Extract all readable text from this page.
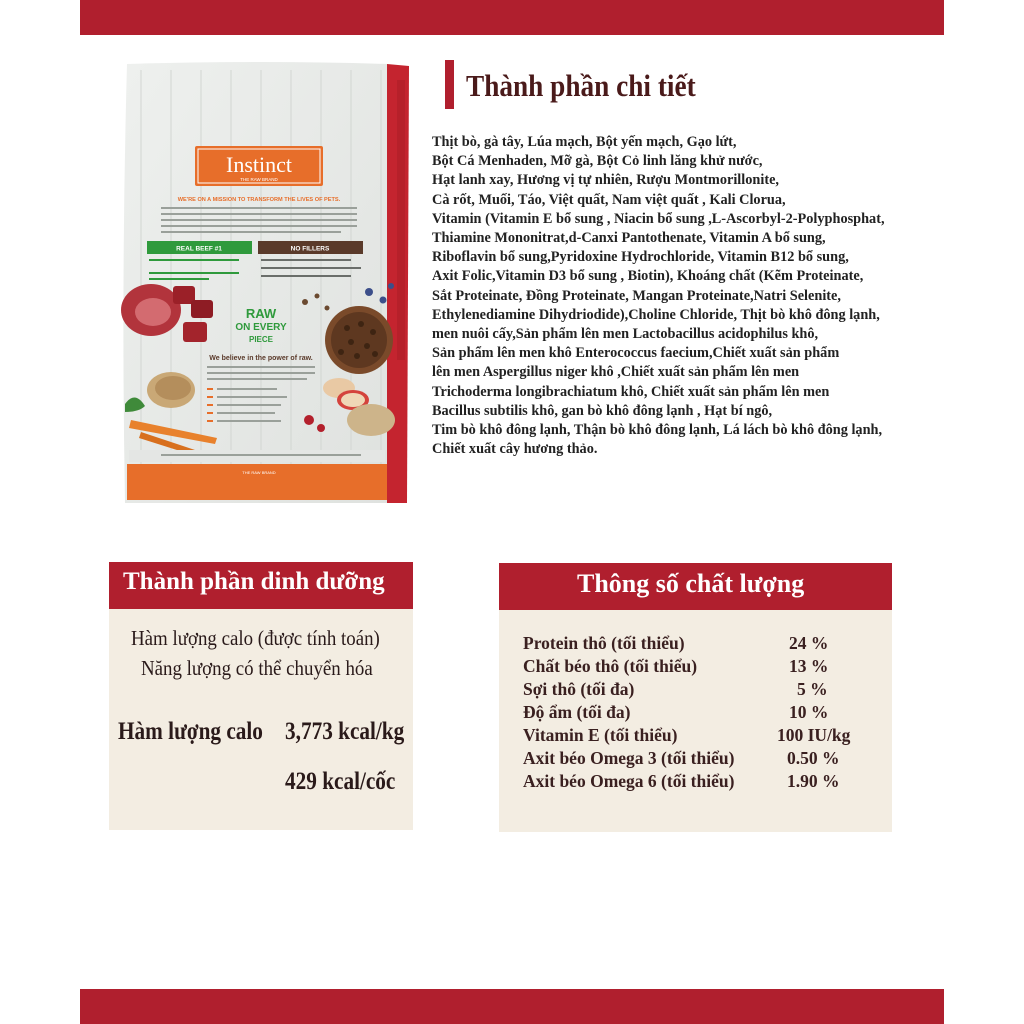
Instinct
THE RAW BRAND
WE'RE ON A MISSION TO TRANSFORM THE LIVES OF PETS.
REAL BEEF #1	NO FILLERS
RAW
ON EVERY
PIECE
We believe in the power of raw.
THE RAW BRAND
Thành phần chi tiết
Thịt bò, gà tây, Lúa mạch, Bột yến mạch, Gạo lứt,
Bột Cá Menhaden, Mỡ gà, Bột Cỏ linh lăng khử nước,
Hạt lanh xay, Hương vị tự nhiên, Rượu Montmorillonite,
Cà rốt, Muối, Táo, Việt quất, Nam việt quất , Kali Clorua,
Vitamin (Vitamin E bổ sung , Niacin bổ sung ,L-Ascorbyl-2-Polyphosphat,
Thiamine Mononitrat,d-Canxi Pantothenate, Vitamin A bổ sung,
Riboflavin bổ sung,Pyridoxine Hydrochloride, Vitamin B12 bổ sung,
Axit Folic,Vitamin D3 bổ sung , Biotin), Khoáng chất (Kẽm Proteinate,
Sắt Proteinate, Đồng Proteinate, Mangan Proteinate,Natri Selenite,
Ethylenediamine Dihydriodide),Choline Chloride, Thịt bò khô đông lạnh,
men nuôi cấy,Sản phẩm lên men Lactobacillus acidophilus khô,
Sản phẩm lên men khô Enterococcus faecium,Chiết xuất sản phẩm
lên men Aspergillus niger khô ,Chiết xuất sản phẩm lên men
Trichoderma longibrachiatum khô, Chiết xuất sản phẩm lên men
Bacillus subtilis khô, gan bò khô đông lạnh , Hạt bí ngô,
Tim bò khô đông lạnh, Thận bò khô đông lạnh, Lá lách bò khô đông lạnh,
Chiết xuất cây hương thảo.
Thành phần dinh dưỡng
Hàm lượng calo (được tính toán)
Năng lượng có thể chuyển hóa
Hàm lượng calo 3,773 kcal/kg
429 kcal/cốc
Thông số chất lượng
Protein thô (tối thiểu)	24 %
Chất béo thô (tối thiểu)	13 %
Sợi thô (tối đa)	5 %
Độ ẩm (tối đa)	10 %
Vitamin E (tối thiểu)	100 IU/kg
Axit béo Omega 3 (tối thiểu)	0.50 %
Axit béo Omega 6 (tối thiểu)	1.90 %
